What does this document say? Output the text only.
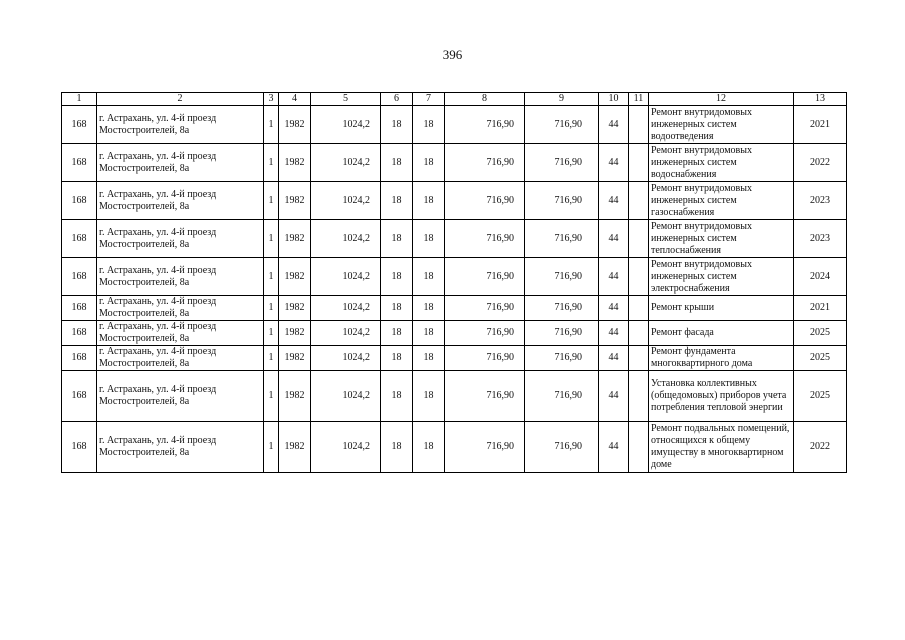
396
1	2	3	4	5	6	7	8	9	10	11	12	13
168	г. Астрахань, ул. 4-й проезд Мостостроителей, 8а	1	1982	1024,2	18	18	716,90	716,90	44		Ремонт внутридомовых инженерных систем водоотведения	2021
168	г. Астрахань, ул. 4-й проезд Мостостроителей, 8а	1	1982	1024,2	18	18	716,90	716,90	44		Ремонт внутридомовых инженерных систем водоснабжения	2022
168	г. Астрахань, ул. 4-й проезд Мостостроителей, 8а	1	1982	1024,2	18	18	716,90	716,90	44		Ремонт внутридомовых инженерных систем газоснабжения	2023
168	г. Астрахань, ул. 4-й проезд Мостостроителей, 8а	1	1982	1024,2	18	18	716,90	716,90	44		Ремонт внутридомовых инженерных систем теплоснабжения	2023
168	г. Астрахань, ул. 4-й проезд Мостостроителей, 8а	1	1982	1024,2	18	18	716,90	716,90	44		Ремонт внутридомовых инженерных систем электроснабжения	2024
168	г. Астрахань, ул. 4-й проезд Мостостроителей, 8а	1	1982	1024,2	18	18	716,90	716,90	44		Ремонт крыши	2021
168	г. Астрахань, ул. 4-й проезд Мостостроителей, 8а	1	1982	1024,2	18	18	716,90	716,90	44		Ремонт фасада	2025
168	г. Астрахань, ул. 4-й проезд Мостостроителей, 8а	1	1982	1024,2	18	18	716,90	716,90	44		Ремонт фундамента многоквартирного дома	2025
168	г. Астрахань, ул. 4-й проезд Мостостроителей, 8а	1	1982	1024,2	18	18	716,90	716,90	44		Установка коллективных (общедомовых) приборов учета потребления тепловой энергии	2025
168	г. Астрахань, ул. 4-й проезд Мостостроителей, 8а	1	1982	1024,2	18	18	716,90	716,90	44		Ремонт подвальных помещений, относящихся к общему имуществу в многоквартирном доме	2022
